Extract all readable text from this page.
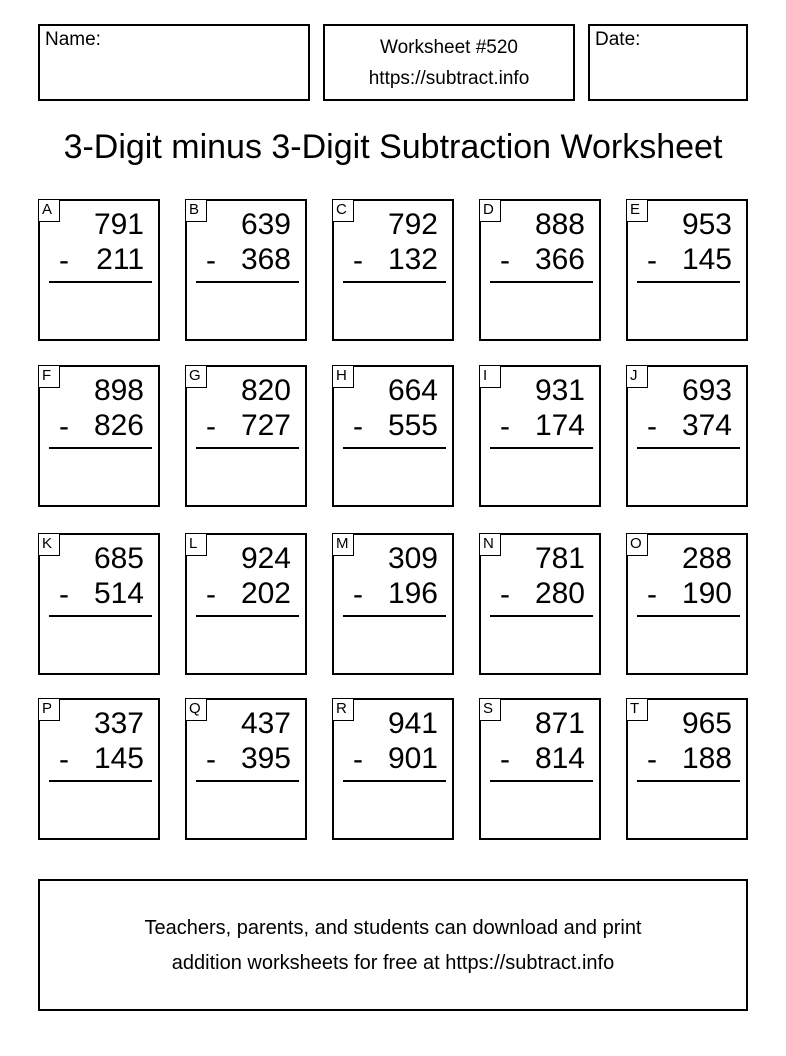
Name:	Worksheet #520
https://subtract.info
Date:
3-Digit minus 3-Digit Subtraction Worksheet
A 791
- 211
B 639
- 368
C 792
- 132
D 888
- 366
E 953
- 145
F 898
- 826
G 820
- 727
H 664
- 555
I	931
- 174
J	693
- 374
K 685
- 514
L	924
- 202
M 309
- 196
N 781
- 280
O 288
- 190
P 337
- 145
Q 437
- 395
R 941
- 901
S 871
- 814
T 965
- 188
Teachers, parents, and students can download and print
addition worksheets for free at https://subtract.info
